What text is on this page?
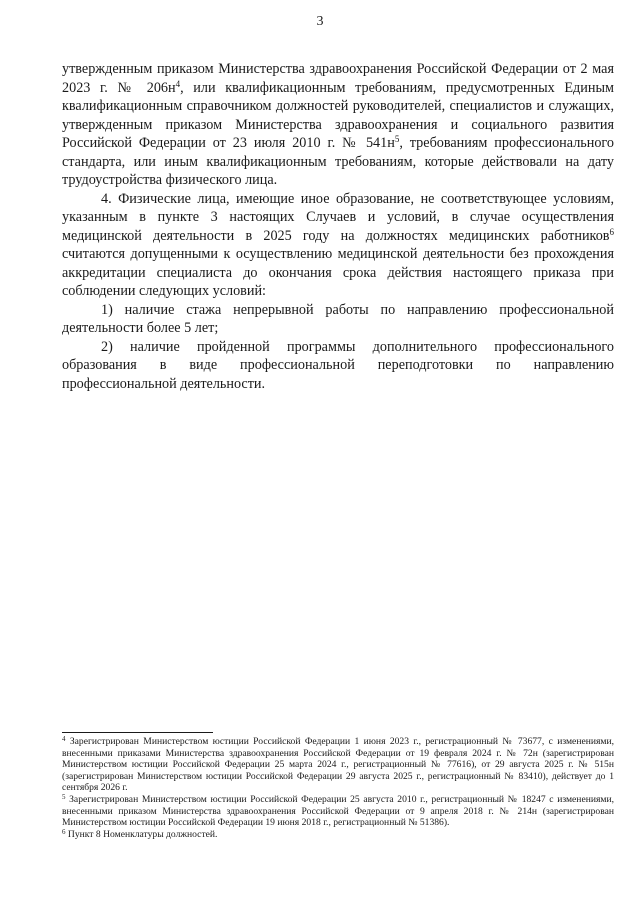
3

утвержденным приказом Министерства здравоохранения Российской Федерации от 2 мая 2023 г. № $206н^4$, или квалификационным требованиям, предусмотренных Единым квалификационным справочником должностей руководителей, специалистов и служащих, утвержденным приказом Министерства здравоохранения и социального развития Российской Федерации от 23 июля 2010 г. № $541н^5$, требованиям профессионального стандарта, или иным квалификационным требованиям, которые действовали на дату трудоустройства физического лица.

4. Физические лица, имеющие иное образование, не соответствующее условиям, указанным в пункте 3 настоящих Случаев и условий, в случае осуществления медицинской деятельности в 2025 году на должностях медицинских работников$^6$ считаются допущенными к осуществлению медицинской деятельности без прохождения аккредитации специалиста до окончания срока действия настоящего приказа при соблюдении следующих условий:

1) наличие стажа непрерывной работы по направлению профессиональной деятельности более 5 лет;

2) наличие пройденной программы дополнительного профессионального образования в виде профессиональной переподготовки по направлению профессиональной деятельности.

$^4$ Зарегистрирован Министерством юстиции Российской Федерации 1 июня 2023 г., регистрационный № 73677, с изменениями, внесенными приказами Министерства здравоохранения Российской Федерации от 19 февраля 2024 г. № 72н (зарегистрирован Министерством юстиции Российской Федерации 25 марта 2024 г., регистрационный № 77616), от 29 августа 2025 г. № 515н (зарегистрирован Министерством юстиции Российской Федерации 29 августа 2025 г., регистрационный № 83410), действует до 1 сентября 2026 г.

$^5$ Зарегистрирован Министерством юстиции Российской Федерации 25 августа 2010 г., регистрационный № 18247 с изменениями, внесенными приказом Министерства здравоохранения Российской Федерации от 9 апреля 2018 г. № 214н (зарегистрирован Министерством юстиции Российской Федерации 19 июня 2018 г., регистрационный № 51386).

$^6$ Пункт 8 Номенклатуры должностей.
